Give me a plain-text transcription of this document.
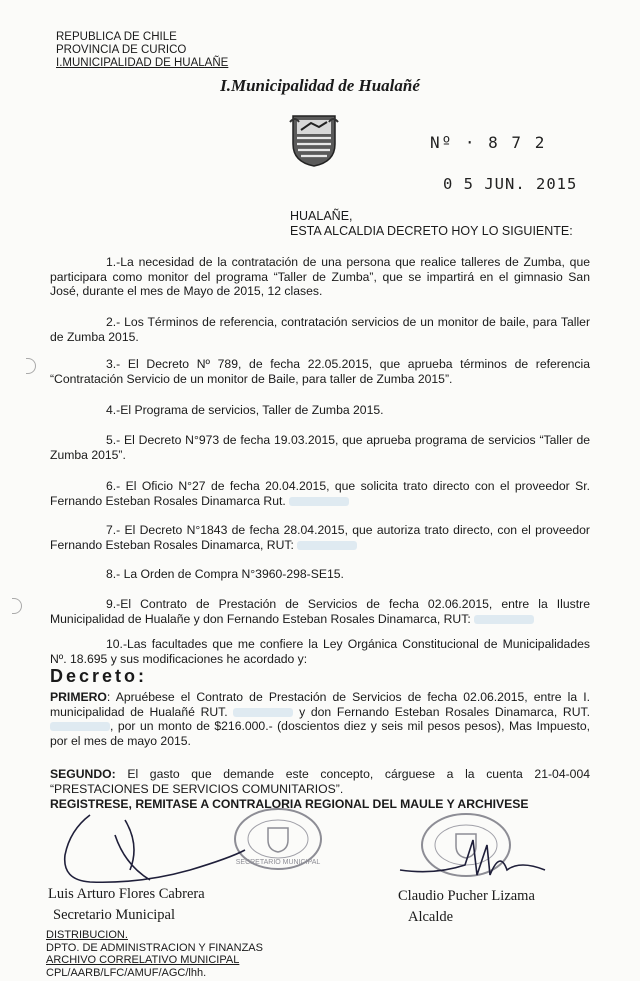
REPUBLICA DE CHILE
PROVINCIA DE CURICO
I.MUNICIPALIDAD DE HUALAÑE
I.Municipalidad de Hualañé
Nº · 8 7 2
0 5 JUN. 2015
HUALAÑE,
ESTA ALCALDIA DECRETO HOY LO SIGUIENTE:
1.-La necesidad de la contratación de una persona que realice talleres de Zumba, que participara como monitor del programa “Taller de Zumba”, que se impartirá en el gimnasio San José, durante el mes de Mayo de 2015, 12 clases.
2.- Los Términos de referencia, contratación servicios de un monitor de baile, para Taller de Zumba 2015.
3.- El Decreto Nº 789, de fecha 22.05.2015, que aprueba términos de referencia “Contratación Servicio de un monitor de Baile, para taller de Zumba 2015”.
4.-El Programa de servicios, Taller de Zumba 2015.
5.- El Decreto N°973 de fecha 19.03.2015, que aprueba programa de servicios “Taller de Zumba 2015”.
6.- El Oficio N°27 de fecha 20.04.2015, que solicita trato directo con el proveedor Sr. Fernando Esteban Rosales Dinamarca Rut.
7.- El Decreto N°1843 de fecha 28.04.2015, que autoriza trato directo, con el proveedor Fernando Esteban Rosales Dinamarca, RUT:
8.- La Orden de Compra N°3960-298-SE15.
9.-El Contrato de Prestación de Servicios de fecha 02.06.2015, entre la Ilustre Municipalidad de Hualañe y don Fernando Esteban Rosales Dinamarca, RUT:
10.-Las facultades que me confiere la Ley Orgánica Constitucional de Municipalidades Nº. 18.695 y sus modificaciones he acordado y:
Decreto:
PRIMERO: Apruébese el Contrato de Prestación de Servicios de fecha 02.06.2015, entre la I. municipalidad de Hualañé RUT.	y don Fernando Esteban Rosales Dinamarca, RUT. , por un monto de $216.000.- (doscientos diez y seis mil pesos pesos), Mas Impuesto, por el mes de mayo 2015.
SEGUNDO: El gasto que demande este concepto, cárguese a la cuenta 21-04-004 “PRESTACIONES DE SERVICIOS COMUNITARIOS”.
REGISTRESE, REMITASE A CONTRALORIA REGIONAL DEL MAULE Y ARCHIVESE
SECRETARIO MUNICIPAL
Luis Arturo Flores Cabrera
Secretario Municipal
Claudio Pucher Lizama
Alcalde
DISTRIBUCION.
DPTO. DE ADMINISTRACION Y FINANZAS
ARCHIVO CORRELATIVO MUNICIPAL
CPL/AARB/LFC/AMUF/AGC/lhh.
